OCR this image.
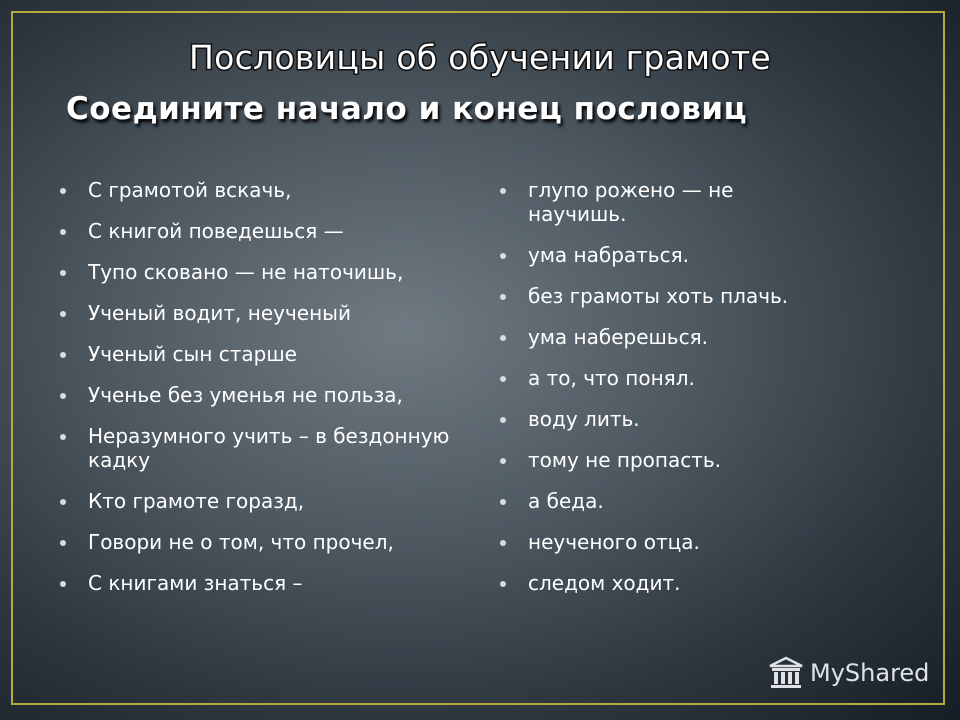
Пословицы об обучении грамоте
Соедините начало и конец пословиц
С грамотой вскачь,
С книгой поведешься —
Тупо сковано — не наточишь,
Ученый водит, неученый
Ученый сын старше
Ученье без уменья не польза,
Неразумного учить – в бездонную кадку
Кто грамоте горазд,
Говори не о том, что прочел,
С книгами знаться –
глупо рожено — не научишь.
ума набраться.
без грамоты хоть плачь.
ума наберешься.
а то, что понял.
воду лить.
тому не пропасть.
а беда.
неученого отца.
следом ходит.
MyShared
